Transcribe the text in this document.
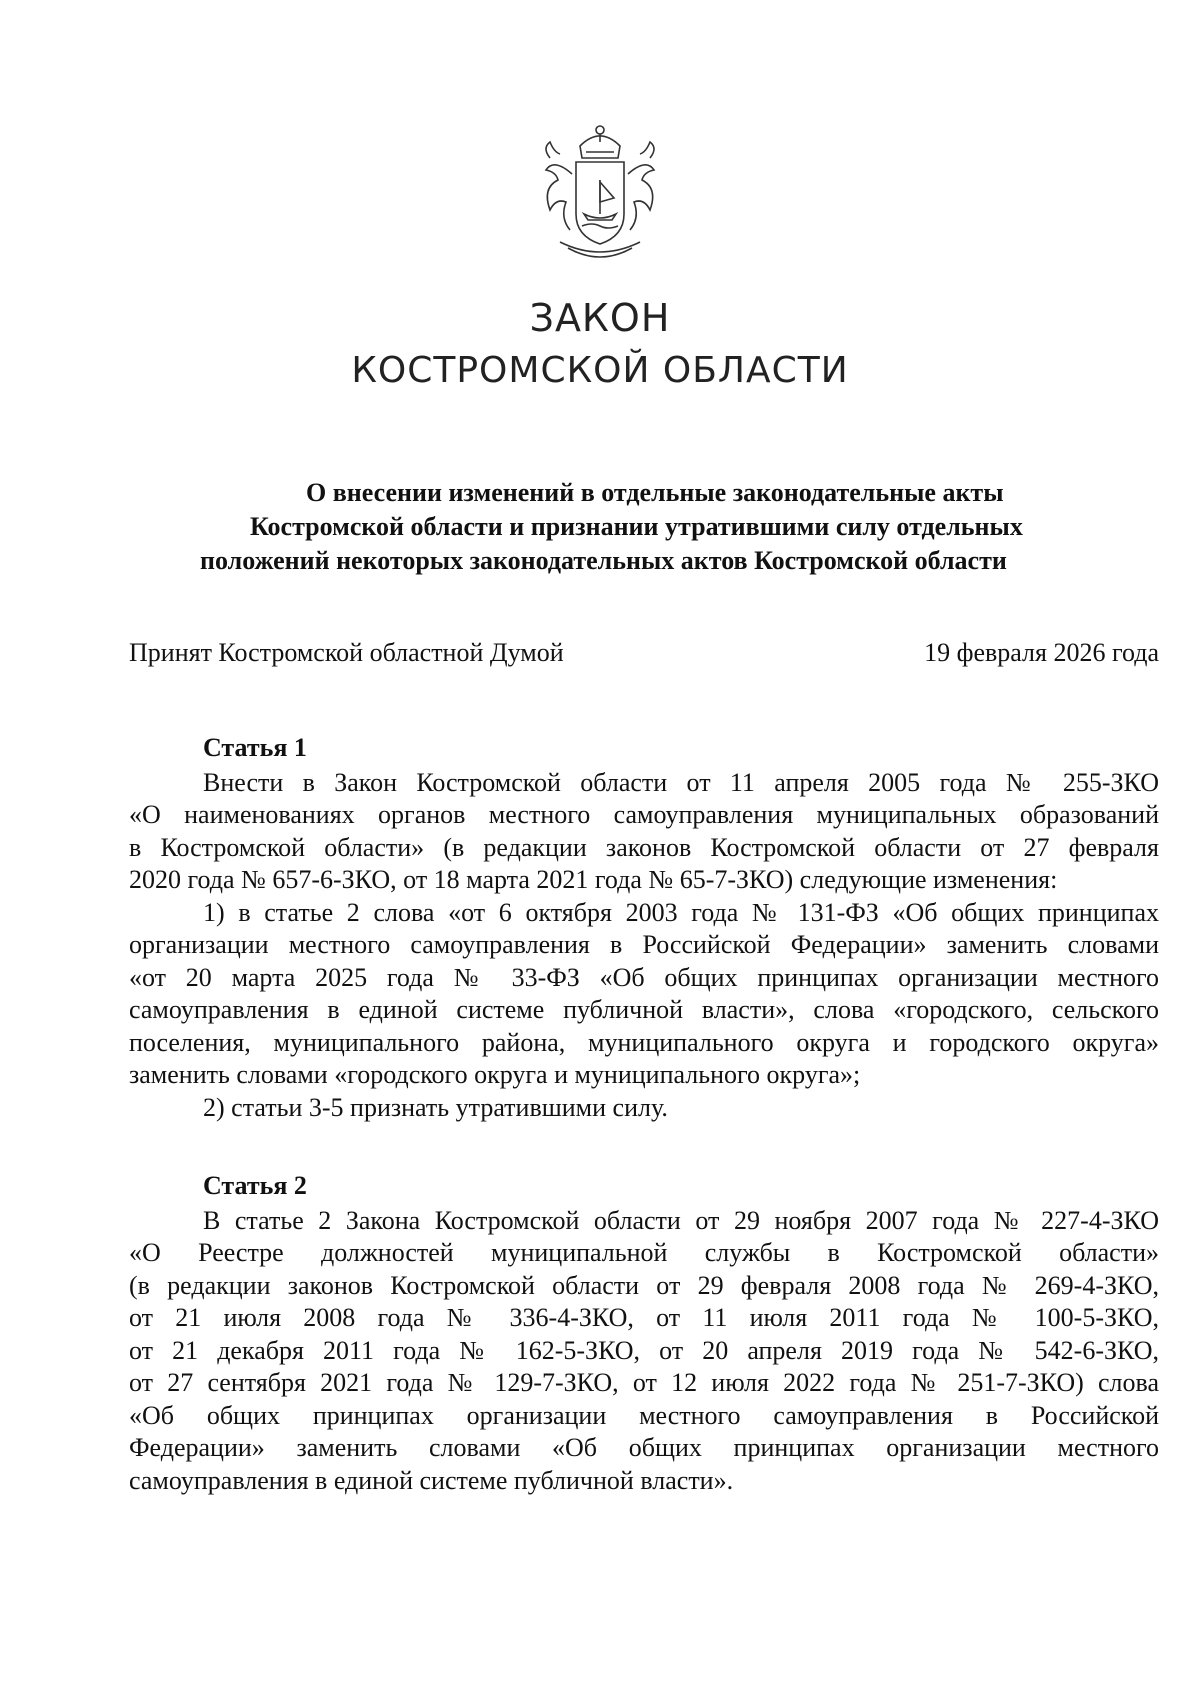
ЗАКОН
КОСТРОМСКОЙ ОБЛАСТИ
О внесении изменений в отдельные законодательные акты
Костромской области и признании утратившими силу отдельных
положений некоторых законодательных актов Костромской области
Принят Костромской областной Думой	19 февраля 2026 года
Статья 1
Внести в Закон Костромской области от 11 апреля 2005 года № 255-ЗКО
«О наименованиях органов местного самоуправления муниципальных образований
в Костромской области» (в редакции законов Костромской области от 27 февраля
2020 года № 657-6-ЗКО, от 18 марта 2021 года № 65-7-ЗКО) следующие изменения:
1) в статье 2 слова «от 6 октября 2003 года № 131-ФЗ «Об общих принципах
организации местного самоуправления в Российской Федерации» заменить словами
«от 20 марта 2025 года № 33-ФЗ «Об общих принципах организации местного
самоуправления в единой системе публичной власти», слова «городского, сельского
поселения, муниципального района, муниципального округа и городского округа»
заменить словами «городского округа и муниципального округа»;
2) статьи 3-5 признать утратившими силу.
Статья 2
В статье 2 Закона Костромской области от 29 ноября 2007 года № 227-4-ЗКО
«О Реестре должностей муниципальной службы в Костромской области»
(в редакции законов Костромской области от 29 февраля 2008 года № 269-4-ЗКО,
от 21 июля 2008 года № 336-4-ЗКО, от 11 июля 2011 года № 100-5-ЗКО,
от 21 декабря 2011 года № 162-5-ЗКО, от 20 апреля 2019 года № 542-6-ЗКО,
от 27 сентября 2021 года № 129-7-ЗКО, от 12 июля 2022 года № 251-7-ЗКО) слова
«Об общих принципах организации местного самоуправления в Российской
Федерации» заменить словами «Об общих принципах организации местного
самоуправления в единой системе публичной власти».
